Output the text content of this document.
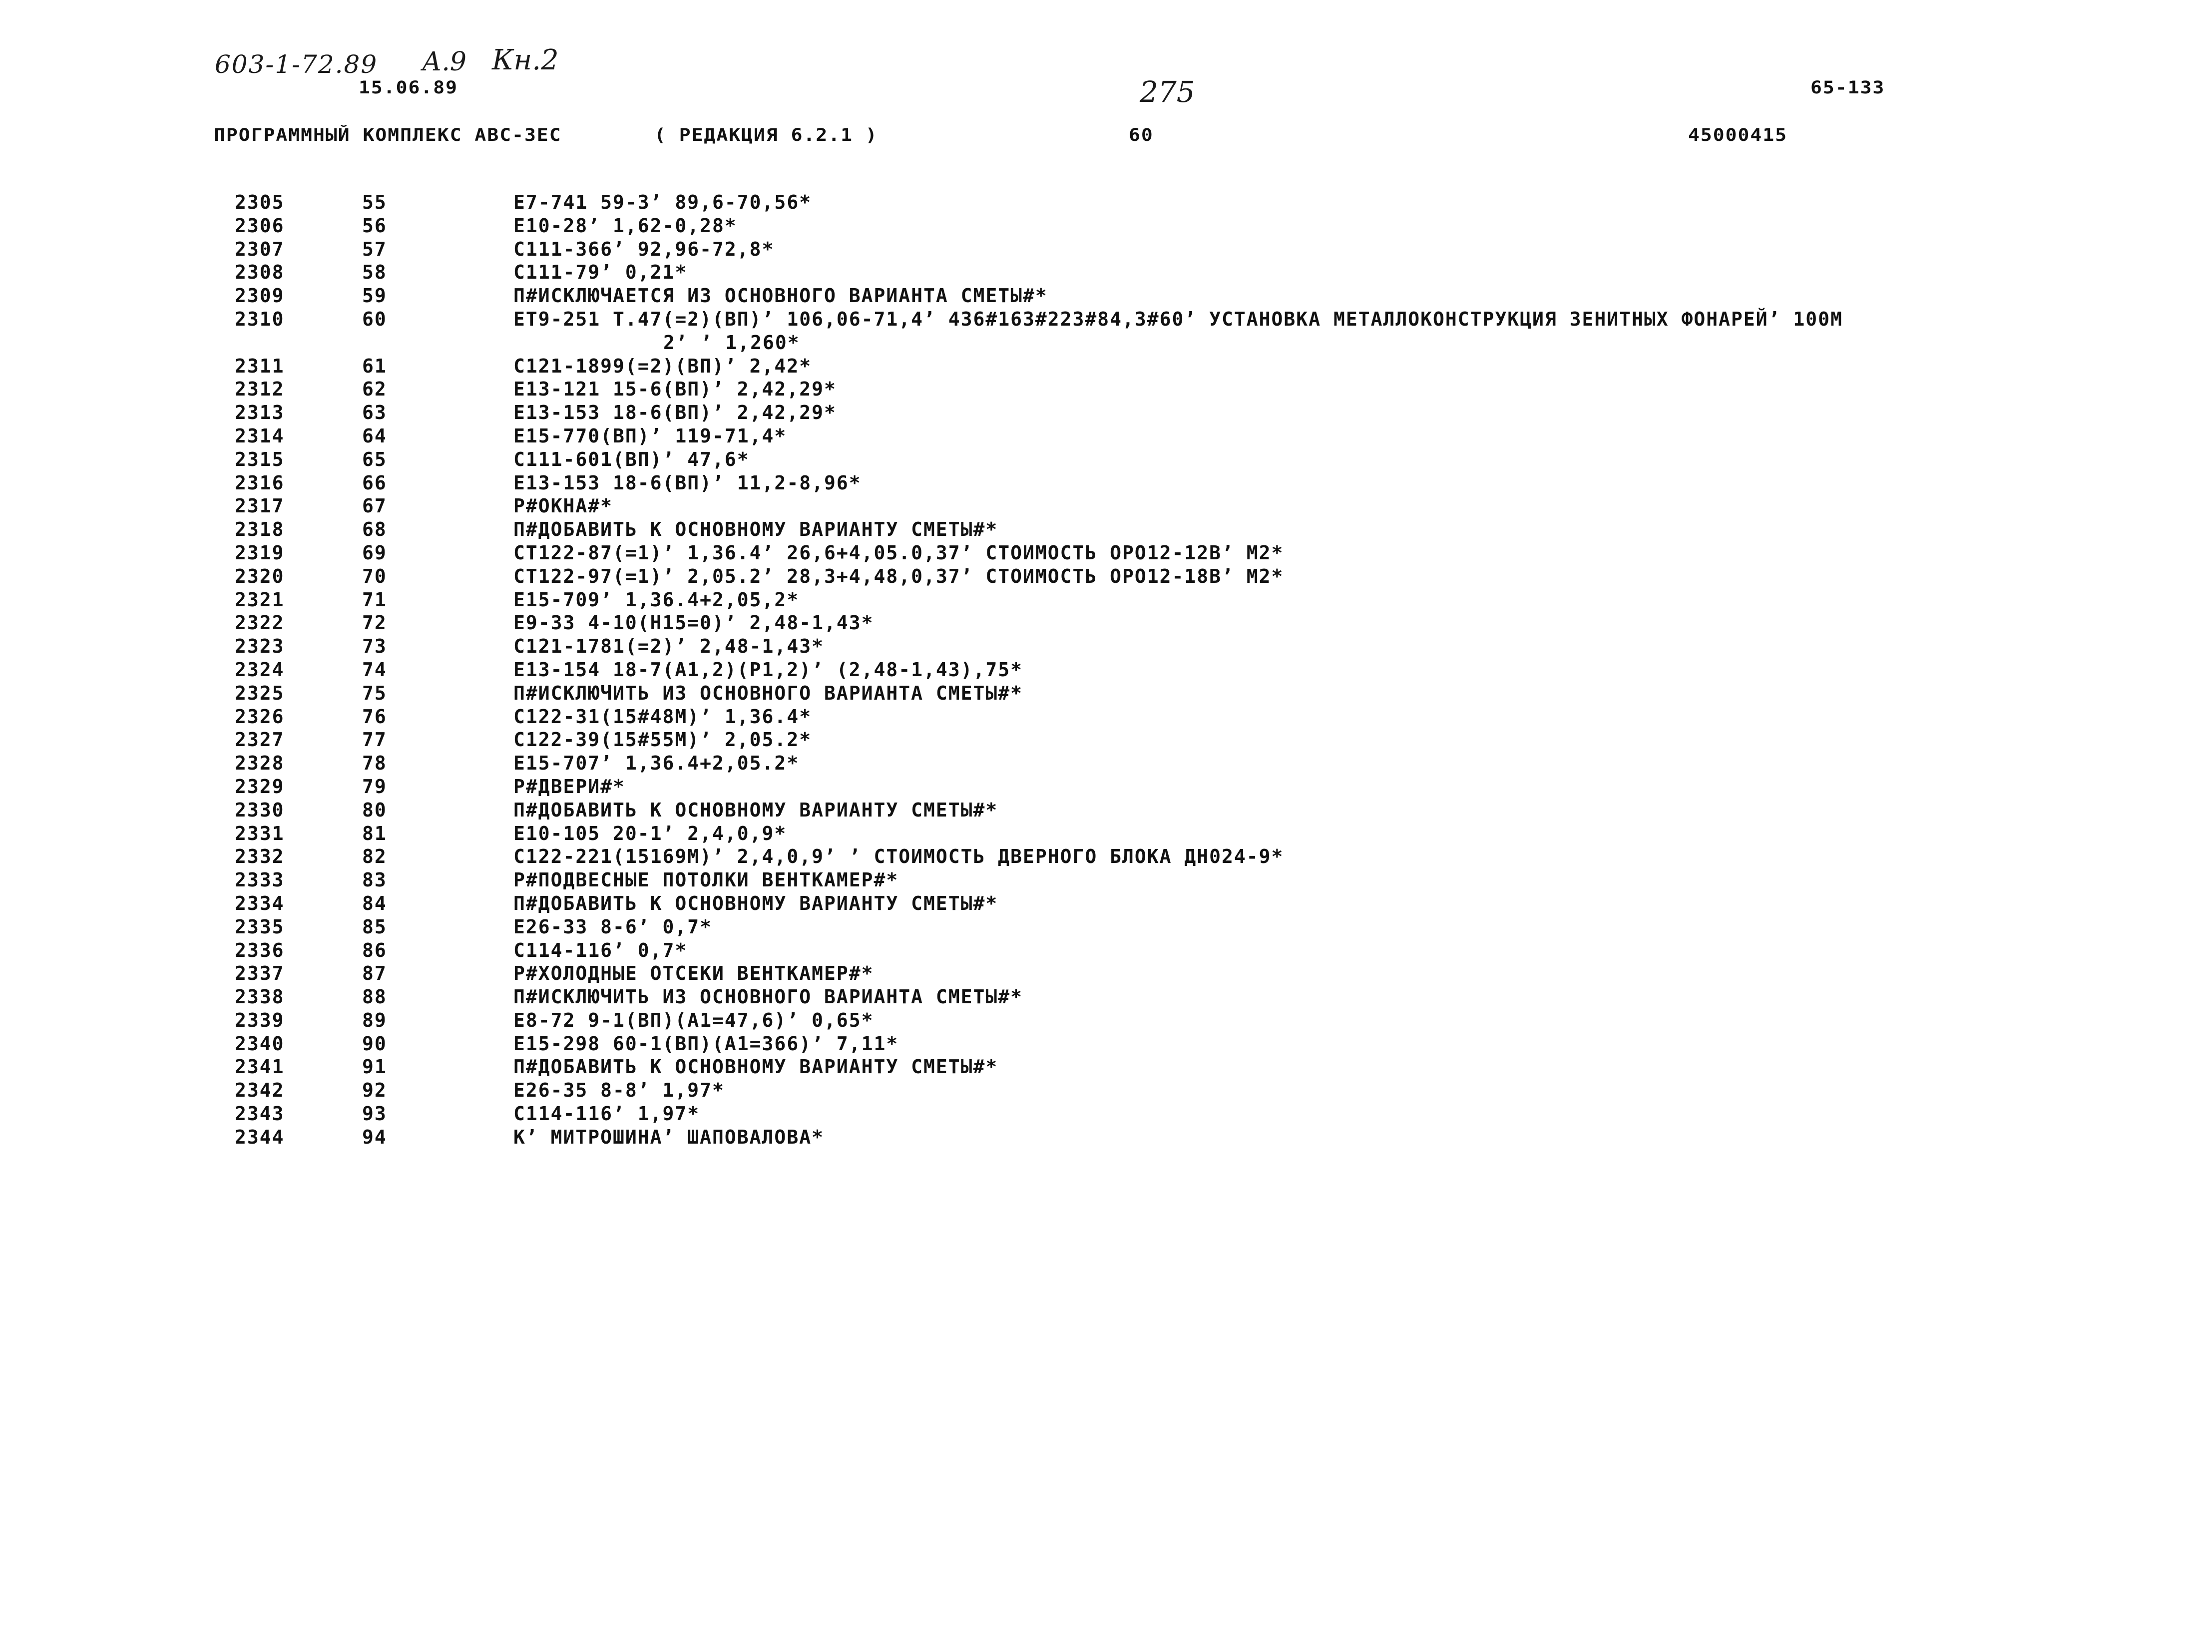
603-1-72.89 А.9 Кн.2
275
15.06.89	65-133
ПРОГРАММНЫЙ КОМПЛЕКС АВС-3ЕС	( РЕДАКЦИЯ 6.2.1 )	60	45000415
2305	55	Е7-741 59-3’ 89,6-70,56*
2306	56	Е10-28’ 1,62-0,28*
2307	57	С111-366’ 92,96-72,8*
2308	58	С111-79’ 0,21*
2309	59	П#ИСКЛЮЧАЕТСЯ ИЗ ОСНОВНОГО ВАРИАНТА СМЕТЫ#*
2310	60	ЕТ9-251 Т.47(=2)(ВП)’ 106,06-71,4’ 436#163#223#84,3#60’ УСТАНОВКА МЕТАЛЛОКОНСТРУКЦИЯ ЗЕНИТНЫХ ФОНАРЕЙ’ 100М
2’ ’ 1,260*
2311	61	С121-1899(=2)(ВП)’ 2,42*
2312	62	Е13-121 15-6(ВП)’ 2,42,29*
2313	63	Е13-153 18-6(ВП)’ 2,42,29*
2314	64	Е15-770(ВП)’ 119-71,4*
2315	65	С111-601(ВП)’ 47,6*
2316	66	Е13-153 18-6(ВП)’ 11,2-8,96*
2317	67	Р#ОКНА#*
2318	68	П#ДОБАВИТЬ К ОСНОВНОМУ ВАРИАНТУ СМЕТЫ#*
2319	69	СТ122-87(=1)’ 1,36.4’ 26,6+4,05.0,37’ СТОИМОСТЬ ОРО12-12В’ М2*
2320	70	СТ122-97(=1)’ 2,05.2’ 28,3+4,48,0,37’ СТОИМОСТЬ ОРО12-18В’ М2*
2321	71	Е15-709’ 1,36.4+2,05,2*
2322	72	Е9-33 4-10(Н15=0)’ 2,48-1,43*
2323	73	С121-1781(=2)’ 2,48-1,43*
2324	74	Е13-154 18-7(А1,2)(Р1,2)’ (2,48-1,43),75*
2325	75	П#ИСКЛЮЧИТЬ ИЗ ОСНОВНОГО ВАРИАНТА СМЕТЫ#*
2326	76	С122-31(15#48М)’ 1,36.4*
2327	77	С122-39(15#55М)’ 2,05.2*
2328	78	Е15-707’ 1,36.4+2,05.2*
2329	79	Р#ДВЕРИ#*
2330	80	П#ДОБАВИТЬ К ОСНОВНОМУ ВАРИАНТУ СМЕТЫ#*
2331	81	Е10-105 20-1’ 2,4,0,9*
2332	82	С122-221(15169М)’ 2,4,0,9’ ’ СТОИМОСТЬ ДВЕРНОГО БЛОКА ДН024-9*
2333	83	Р#ПОДВЕСНЫЕ ПОТОЛКИ ВЕНТКАМЕР#*
2334	84	П#ДОБАВИТЬ К ОСНОВНОМУ ВАРИАНТУ СМЕТЫ#*
2335	85	Е26-33 8-6’ 0,7*
2336	86	С114-116’ 0,7*
2337	87	Р#ХОЛОДНЫЕ ОТСЕКИ ВЕНТКАМЕР#*
2338	88	П#ИСКЛЮЧИТЬ ИЗ ОСНОВНОГО ВАРИАНТА СМЕТЫ#*
2339	89	Е8-72 9-1(ВП)(А1=47,6)’ 0,65*
2340	90	Е15-298 60-1(ВП)(А1=366)’ 7,11*
2341	91	П#ДОБАВИТЬ К ОСНОВНОМУ ВАРИАНТУ СМЕТЫ#*
2342	92	Е26-35 8-8’ 1,97*
2343	93	С114-116’ 1,97*
2344	94	К’ МИТРОШИНА’ ШАПОВАЛОВА*
